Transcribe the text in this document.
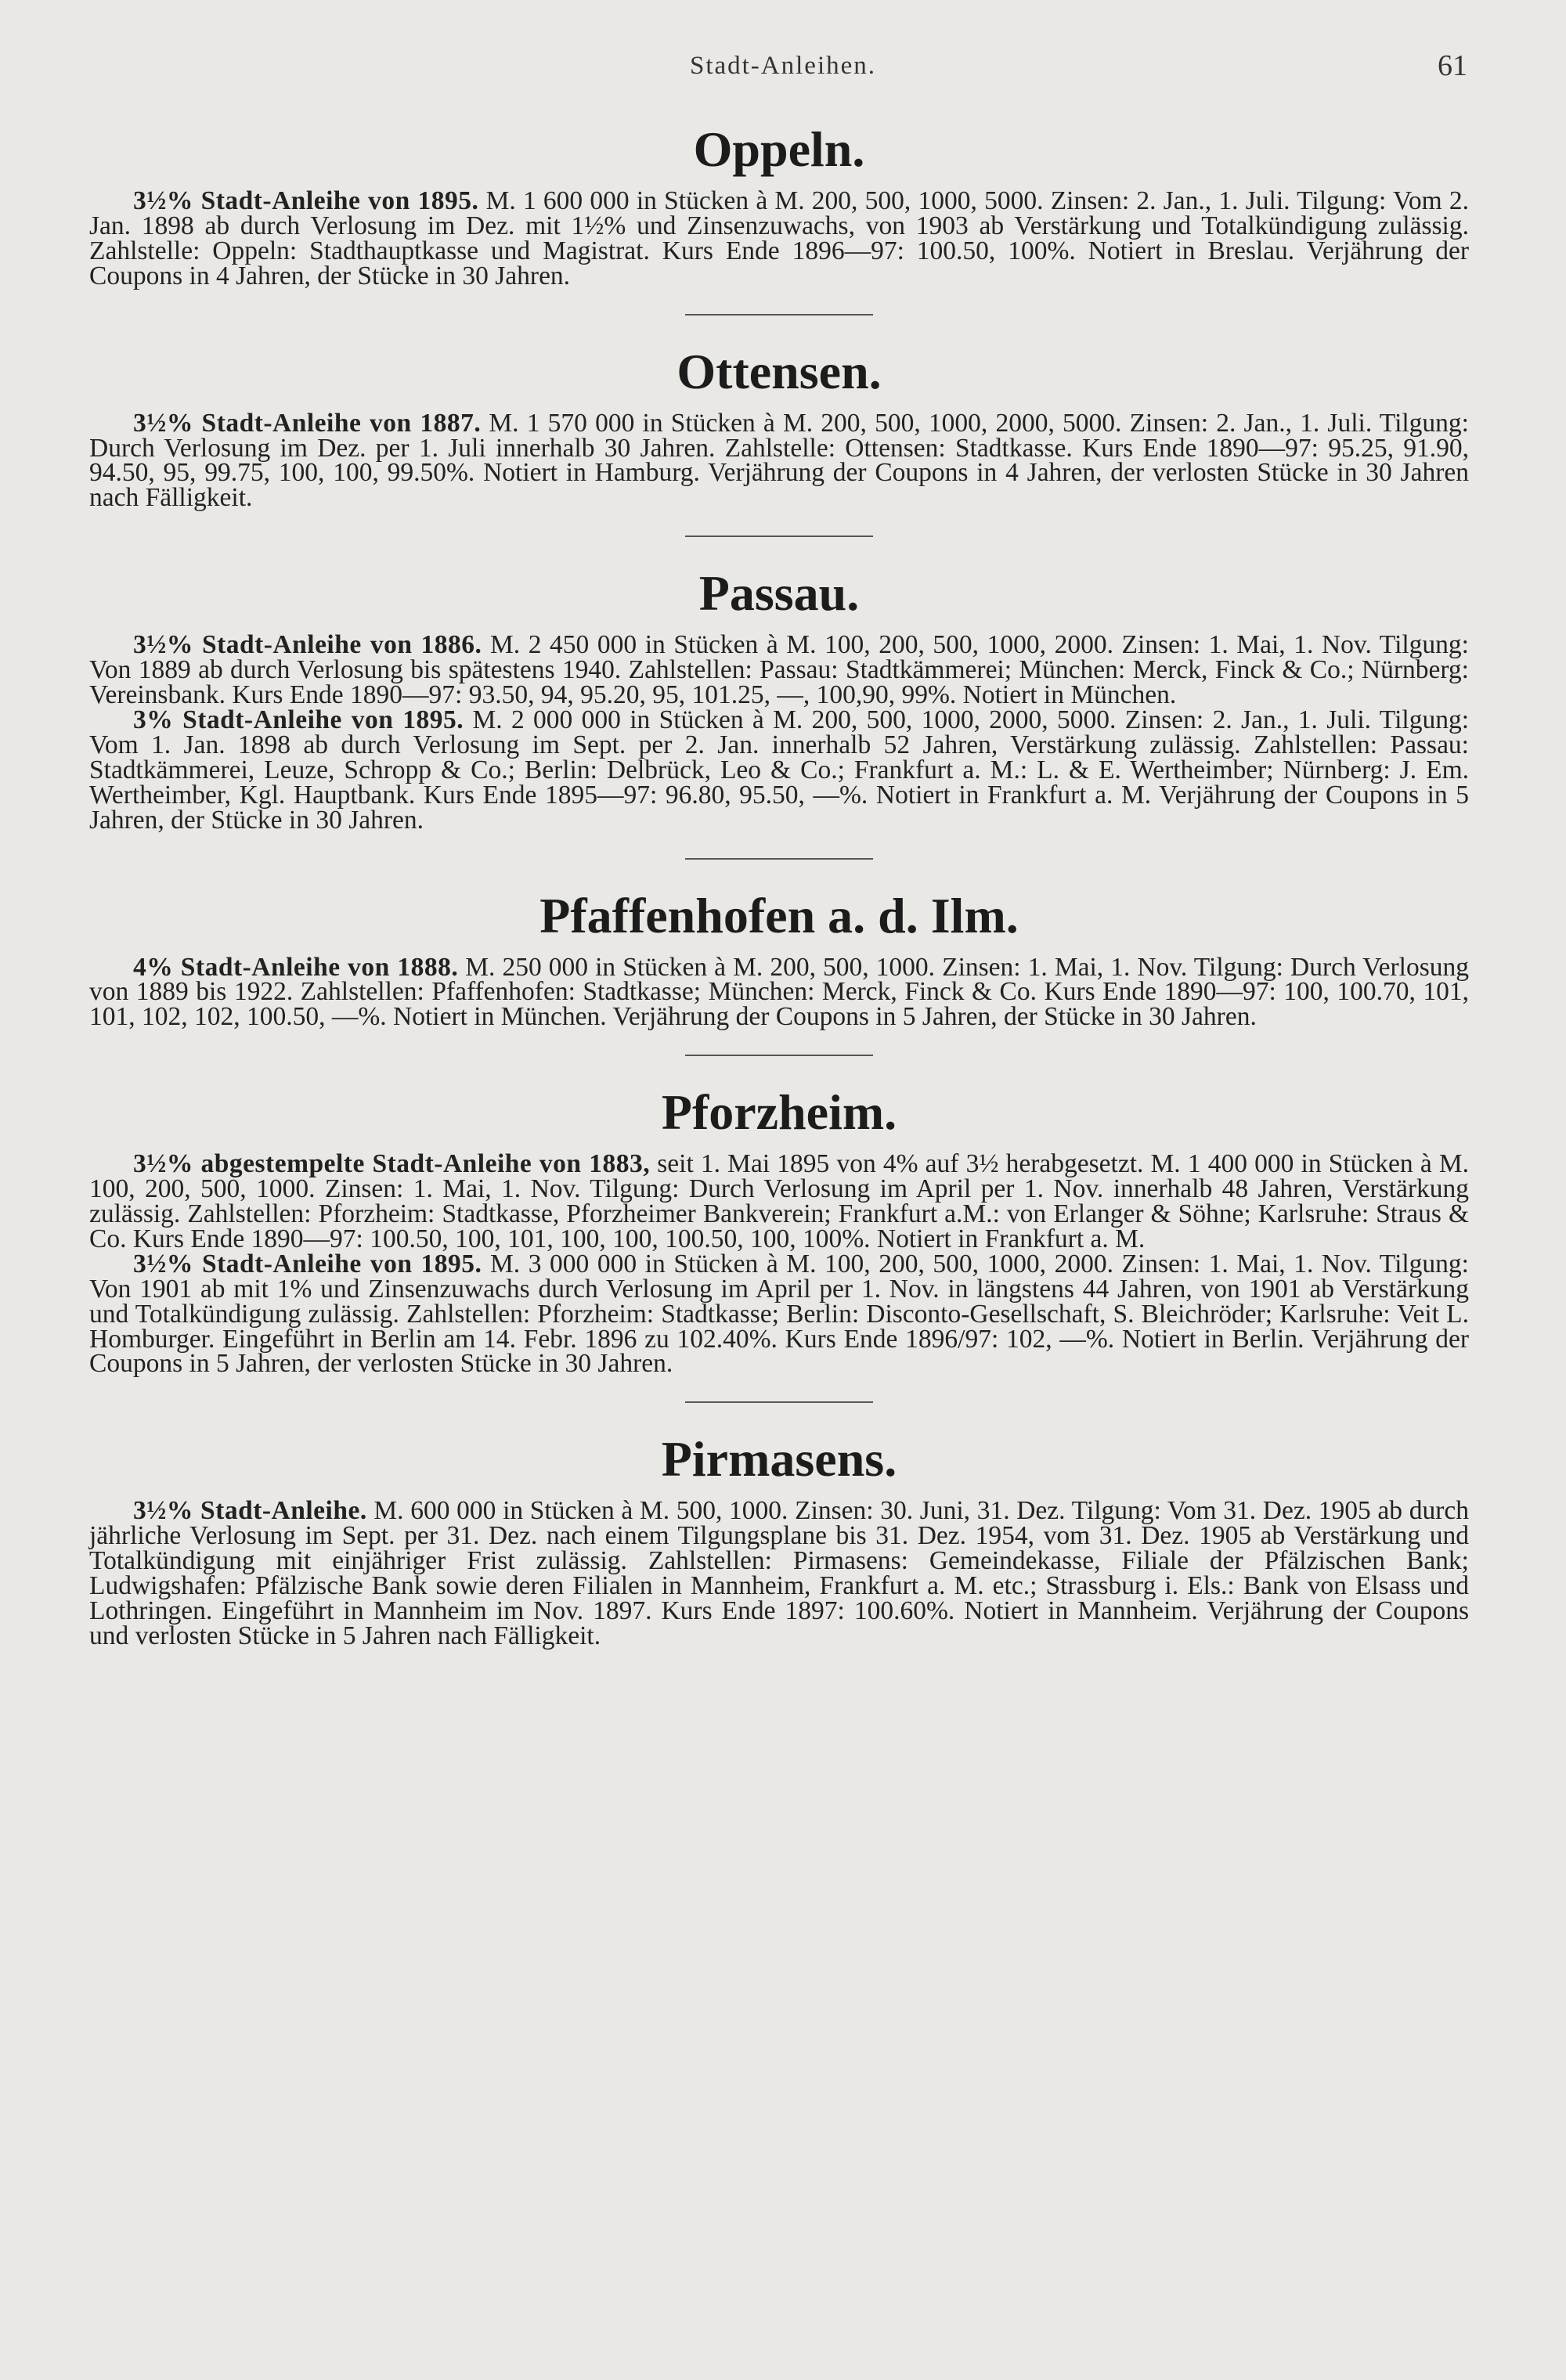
Stadt-Anleihen.	61
Oppeln.

3½% Stadt-Anleihe von 1895. M. 1 600 000 in Stücken à M. 200, 500, 1000, 5000. Zinsen: 2. Jan., 1. Juli. Tilgung: Vom 2. Jan. 1898 ab durch Verlosung im Dez. mit 1½% und Zinsenzuwachs, von 1903 ab Verstärkung und Totalkündigung zulässig. Zahlstelle: Oppeln: Stadthauptkasse und Magistrat. Kurs Ende 1896—97: 100.50, 100%. Notiert in Breslau. Verjährung der Coupons in 4 Jahren, der Stücke in 30 Jahren.

Ottensen.

3½% Stadt-Anleihe von 1887. M. 1 570 000 in Stücken à M. 200, 500, 1000, 2000, 5000. Zinsen: 2. Jan., 1. Juli. Tilgung: Durch Verlosung im Dez. per 1. Juli innerhalb 30 Jahren. Zahlstelle: Ottensen: Stadtkasse. Kurs Ende 1890—97: 95.25, 91.90, 94.50, 95, 99.75, 100, 100, 99.50%. Notiert in Hamburg. Verjährung der Coupons in 4 Jahren, der verlosten Stücke in 30 Jahren nach Fälligkeit.

Passau.

3½% Stadt-Anleihe von 1886. M. 2 450 000 in Stücken à M. 100, 200, 500, 1000, 2000. Zinsen: 1. Mai, 1. Nov. Tilgung: Von 1889 ab durch Verlosung bis spätestens 1940. Zahlstellen: Passau: Stadtkämmerei; München: Merck, Finck & Co.; Nürnberg: Vereinsbank. Kurs Ende 1890—97: 93.50, 94, 95.20, 95, 101.25, —, 100,90, 99%. Notiert in München.

3% Stadt-Anleihe von 1895. M. 2 000 000 in Stücken à M. 200, 500, 1000, 2000, 5000. Zinsen: 2. Jan., 1. Juli. Tilgung: Vom 1. Jan. 1898 ab durch Verlosung im Sept. per 2. Jan. innerhalb 52 Jahren, Verstärkung zulässig. Zahlstellen: Passau: Stadtkämmerei, Leuze, Schropp & Co.; Berlin: Delbrück, Leo & Co.; Frankfurt a. M.: L. & E. Wertheimber; Nürnberg: J. Em. Wertheimber, Kgl. Hauptbank. Kurs Ende 1895—97: 96.80, 95.50, —%. Notiert in Frankfurt a. M. Verjährung der Coupons in 5 Jahren, der Stücke in 30 Jahren.

Pfaffenhofen a. d. Ilm.

4% Stadt-Anleihe von 1888. M. 250 000 in Stücken à M. 200, 500, 1000. Zinsen: 1. Mai, 1. Nov. Tilgung: Durch Verlosung von 1889 bis 1922. Zahlstellen: Pfaffenhofen: Stadtkasse; München: Merck, Finck & Co. Kurs Ende 1890—97: 100, 100.70, 101, 101, 102, 102, 100.50, —%. Notiert in München. Verjährung der Coupons in 5 Jahren, der Stücke in 30 Jahren.

Pforzheim.

3½% abgestempelte Stadt-Anleihe von 1883, seit 1. Mai 1895 von 4% auf 3½ herabgesetzt. M. 1 400 000 in Stücken à M. 100, 200, 500, 1000. Zinsen: 1. Mai, 1. Nov. Tilgung: Durch Verlosung im April per 1. Nov. innerhalb 48 Jahren, Verstärkung zulässig. Zahlstellen: Pforzheim: Stadtkasse, Pforzheimer Bankverein; Frankfurt a.M.: von Erlanger & Söhne; Karlsruhe: Straus & Co. Kurs Ende 1890—97: 100.50, 100, 101, 100, 100, 100.50, 100, 100%. Notiert in Frankfurt a. M.

3½% Stadt-Anleihe von 1895. M. 3 000 000 in Stücken à M. 100, 200, 500, 1000, 2000. Zinsen: 1. Mai, 1. Nov. Tilgung: Von 1901 ab mit 1% und Zinsenzuwachs durch Verlosung im April per 1. Nov. in längstens 44 Jahren, von 1901 ab Verstärkung und Totalkündigung zulässig. Zahlstellen: Pforzheim: Stadtkasse; Berlin: Disconto-Gesellschaft, S. Bleichröder; Karlsruhe: Veit L. Homburger. Eingeführt in Berlin am 14. Febr. 1896 zu 102.40%. Kurs Ende 1896/97: 102, —%. Notiert in Berlin. Verjährung der Coupons in 5 Jahren, der verlosten Stücke in 30 Jahren.

Pirmasens.

3½% Stadt-Anleihe. M. 600 000 in Stücken à M. 500, 1000. Zinsen: 30. Juni, 31. Dez. Tilgung: Vom 31. Dez. 1905 ab durch jährliche Verlosung im Sept. per 31. Dez. nach einem Tilgungsplane bis 31. Dez. 1954, vom 31. Dez. 1905 ab Verstärkung und Totalkündigung mit einjähriger Frist zulässig. Zahlstellen: Pirmasens: Gemeindekasse, Filiale der Pfälzischen Bank; Ludwigshafen: Pfälzische Bank sowie deren Filialen in Mannheim, Frankfurt a. M. etc.; Strassburg i. Els.: Bank von Elsass und Lothringen. Eingeführt in Mannheim im Nov. 1897. Kurs Ende 1897: 100.60%. Notiert in Mannheim. Verjährung der Coupons und verlosten Stücke in 5 Jahren nach Fälligkeit.
